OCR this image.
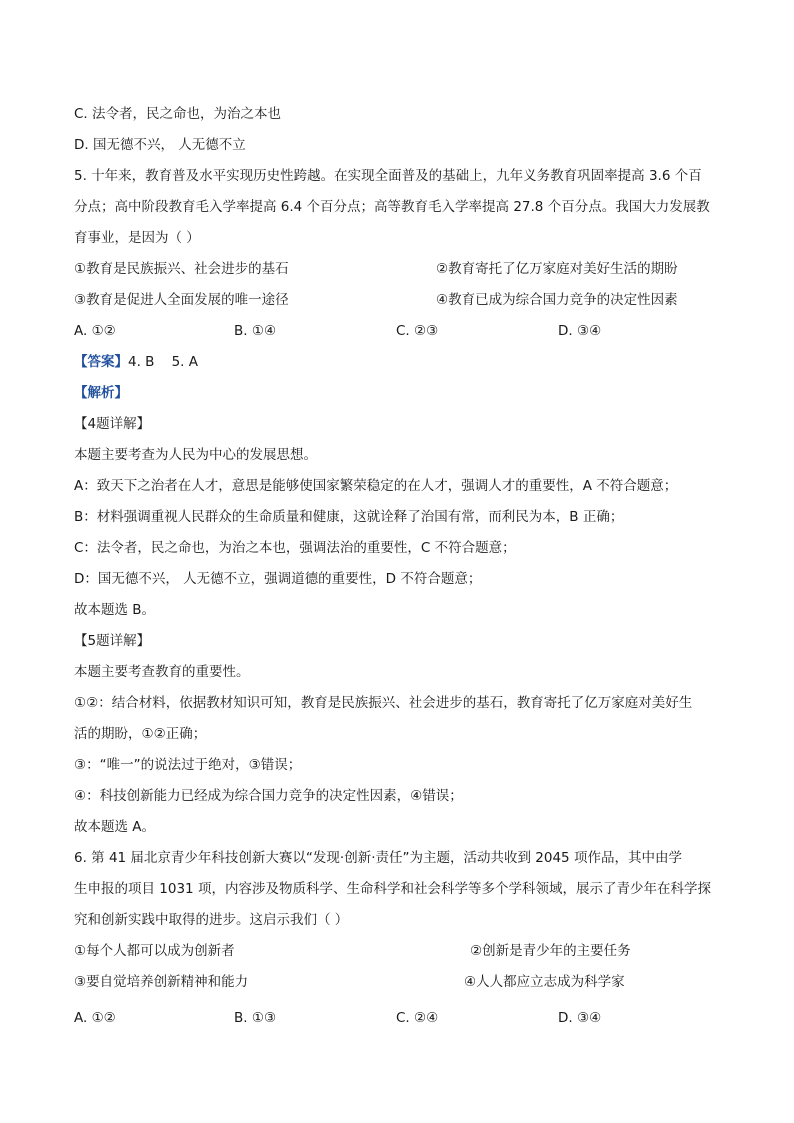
C. 法令者，民之命也，为治之本也
D. 国无德不兴， 人无德不立
5. 十年来，教育普及水平实现历史性跨越。在实现全面普及的基础上，九年义务教育巩固率提高 3.6 个百
分点；高中阶段教育毛入学率提高 6.4 个百分点；高等教育毛入学率提高 27.8 个百分点。我国大力发展教
育事业，是因为（ ）
①教育是民族振兴、社会进步的基石	②教育寄托了亿万家庭对美好生活的期盼
③教育是促进人全面发展的唯一途径	④教育已成为综合国力竞争的决定性因素
A. ①②	B. ①④	C. ②③	D. ③④
【答案】4. B    5. A
【解析】
【4题详解】
本题主要考查为人民为中心的发展思想。
A：致天下之治者在人才，意思是能够使国家繁荣稳定的在人才，强调人才的重要性，A 不符合题意；
B：材料强调重视人民群众的生命质量和健康，这就诠释了治国有常，而利民为本，B 正确；
C：法令者，民之命也，为治之本也，强调法治的重要性，C 不符合题意；
D：国无德不兴， 人无德不立，强调道德的重要性，D 不符合题意；
故本题选 B。
【5题详解】
本题主要考查教育的重要性。
①②：结合材料，依据教材知识可知，教育是民族振兴、社会进步的基石，教育寄托了亿万家庭对美好生
活的期盼，①②正确；
③：“唯一”的说法过于绝对，③错误；
④：科技创新能力已经成为综合国力竞争的决定性因素，④错误；
故本题选 A。
6. 第 41 届北京青少年科技创新大赛以“发现·创新·责任”为主题，活动共收到 2045 项作品，其中由学
生申报的项目 1031 项，内容涉及物质科学、生命科学和社会科学等多个学科领域，展示了青少年在科学探
究和创新实践中取得的进步。这启示我们（ ）
①每个人都可以成为创新者	②创新是青少年的主要任务
③要自觉培养创新精神和能力	④人人都应立志成为科学家
A. ①②	B. ①③	C. ②④	D. ③④
